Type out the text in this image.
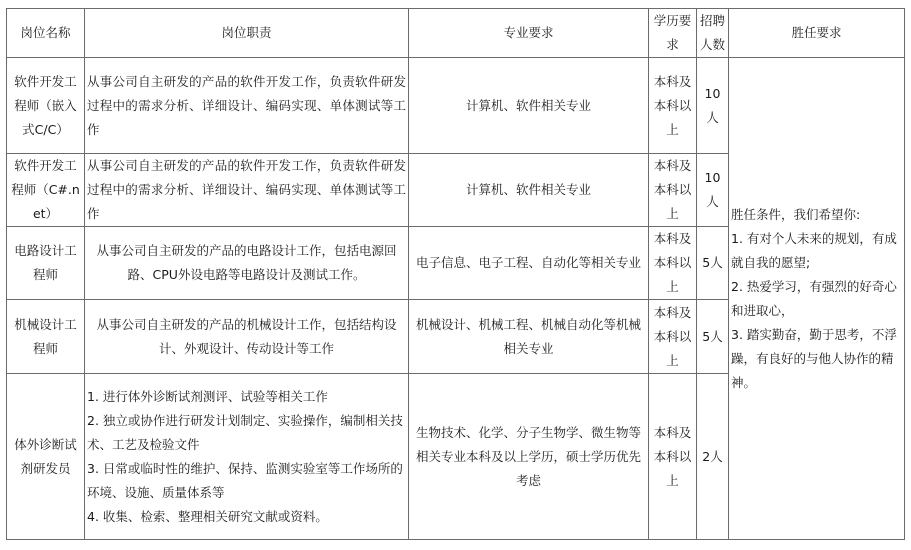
岗位名称	岗位职责	专业要求	学历要求	招聘人数	胜任要求
软件开发工程师（嵌入式C/C）	从事公司自主研发的产品的软件开发工作，负责软件研发过程中的需求分析、详细设计、编码实现、单体测试等工作	计算机、软件相关专业	本科及本科以上	10人	胜任条件，我们希望你:
1. 有对个人未来的规划，有成就自我的愿望;
2. 热爱学习，有强烈的好奇心和进取心，
3. 踏实勤奋，勤于思考，不浮躁，有良好的与他人协作的精神。
软件开发工程师（C#.net）	从事公司自主研发的产品的软件开发工作，负责软件研发过程中的需求分析、详细设计、编码实现、单体测试等工作	计算机、软件相关专业	本科及本科以上	10人	
电路设计工程师	从事公司自主研发的产品的电路设计工作，包括电源回路、CPU外设电路等电路设计及测试工作。	电子信息、电子工程、自动化等相关专业	本科及本科以上	5人	
机械设计工程师	从事公司自主研发的产品的机械设计工作，包括结构设计、外观设计、传动设计等工作	机械设计、机械工程、机械自动化等机械相关专业	本科及本科以上	5人	
体外诊断试剂研发员	1. 进行体外诊断试剂测评、试验等相关工作
2. 独立或协作进行研发计划制定、实验操作，编制相关技术、工艺及检验文件
3. 日常或临时性的维护、保持、监测实验室等工作场所的环境、设施、质量体系等
4. 收集、检索、整理相关研究文献或资料。	生物技术、化学、分子生物学、微生物等相关专业本科及以上学历，硕士学历优先考虑	本科及本科以上	2人	
